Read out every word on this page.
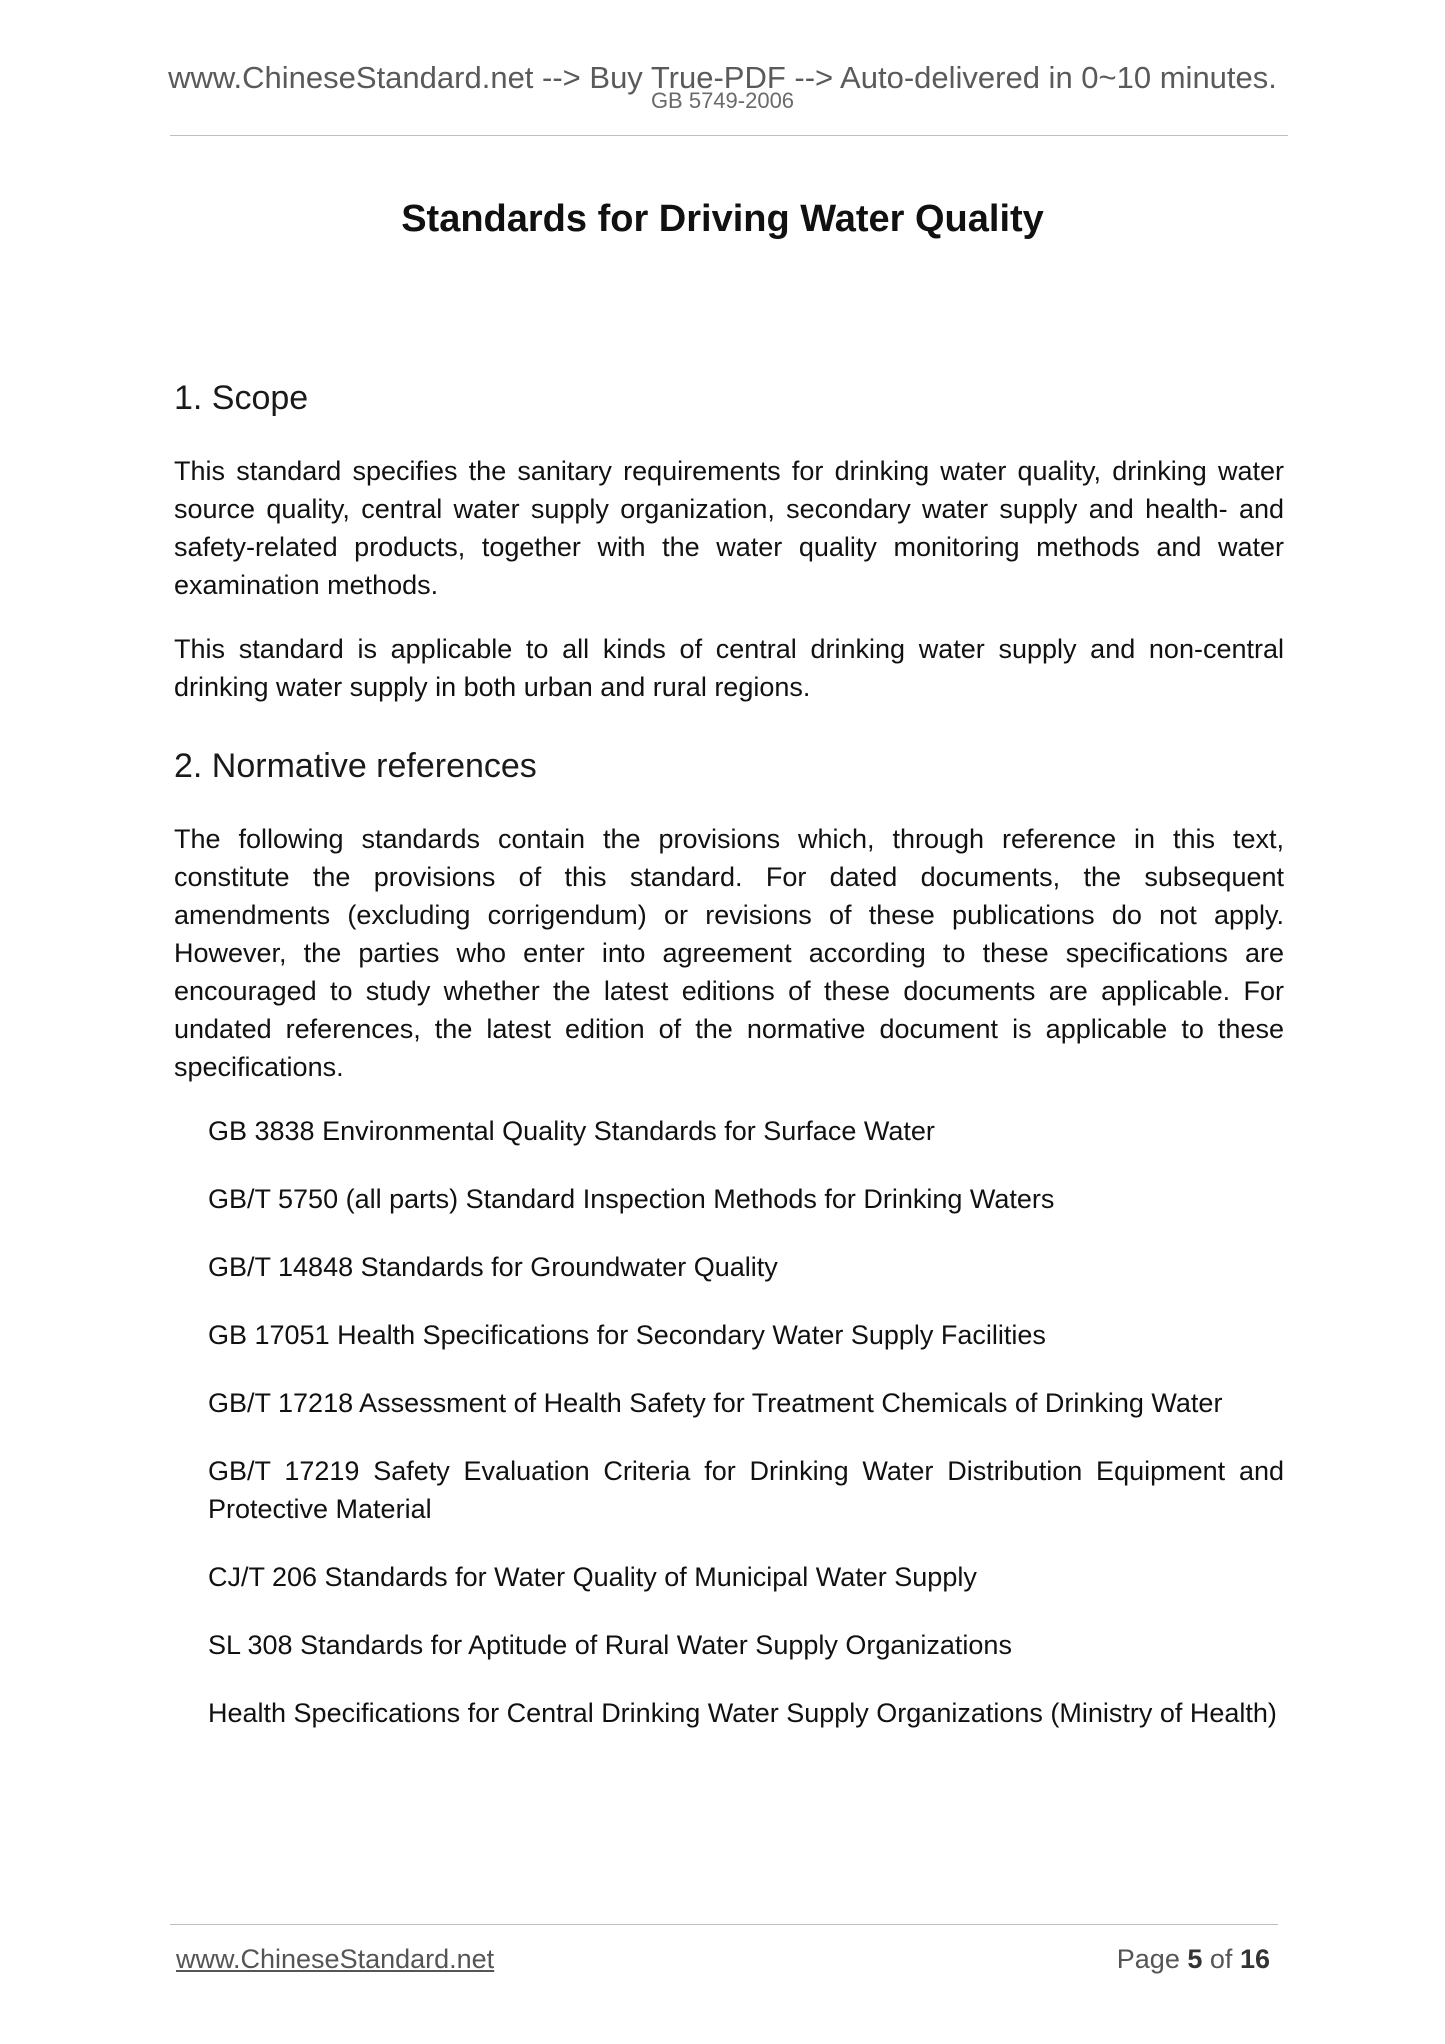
www.ChineseStandard.net --> Buy True-PDF --> Auto-delivered in 0~10 minutes.
GB 5749-2006
Standards for Driving Water Quality
1. Scope

This standard specifies the sanitary requirements for drinking water quality, drinking water source quality, central water supply organization, secondary water supply and health- and safety-related products, together with the water quality monitoring methods and water examination methods.

This standard is applicable to all kinds of central drinking water supply and non-central drinking water supply in both urban and rural regions.

2. Normative references

The following standards contain the provisions which, through reference in this text, constitute the provisions of this standard. For dated documents, the subsequent amendments (excluding corrigendum) or revisions of these publications do not apply. However, the parties who enter into agreement according to these specifications are encouraged to study whether the latest editions of these documents are applicable. For undated references, the latest edition of the normative document is applicable to these specifications.

GB 3838 Environmental Quality Standards for Surface Water
GB/T 5750 (all parts) Standard Inspection Methods for Drinking Waters
GB/T 14848 Standards for Groundwater Quality
GB 17051 Health Specifications for Secondary Water Supply Facilities
GB/T 17218 Assessment of Health Safety for Treatment Chemicals of Drinking Water
GB/T 17219 Safety Evaluation Criteria for Drinking Water Distribution Equipment and Protective Material
CJ/T 206 Standards for Water Quality of Municipal Water Supply
SL 308 Standards for Aptitude of Rural Water Supply Organizations
Health Specifications for Central Drinking Water Supply Organizations (Ministry of Health)
www.ChineseStandard.net	Page 5 of 16
